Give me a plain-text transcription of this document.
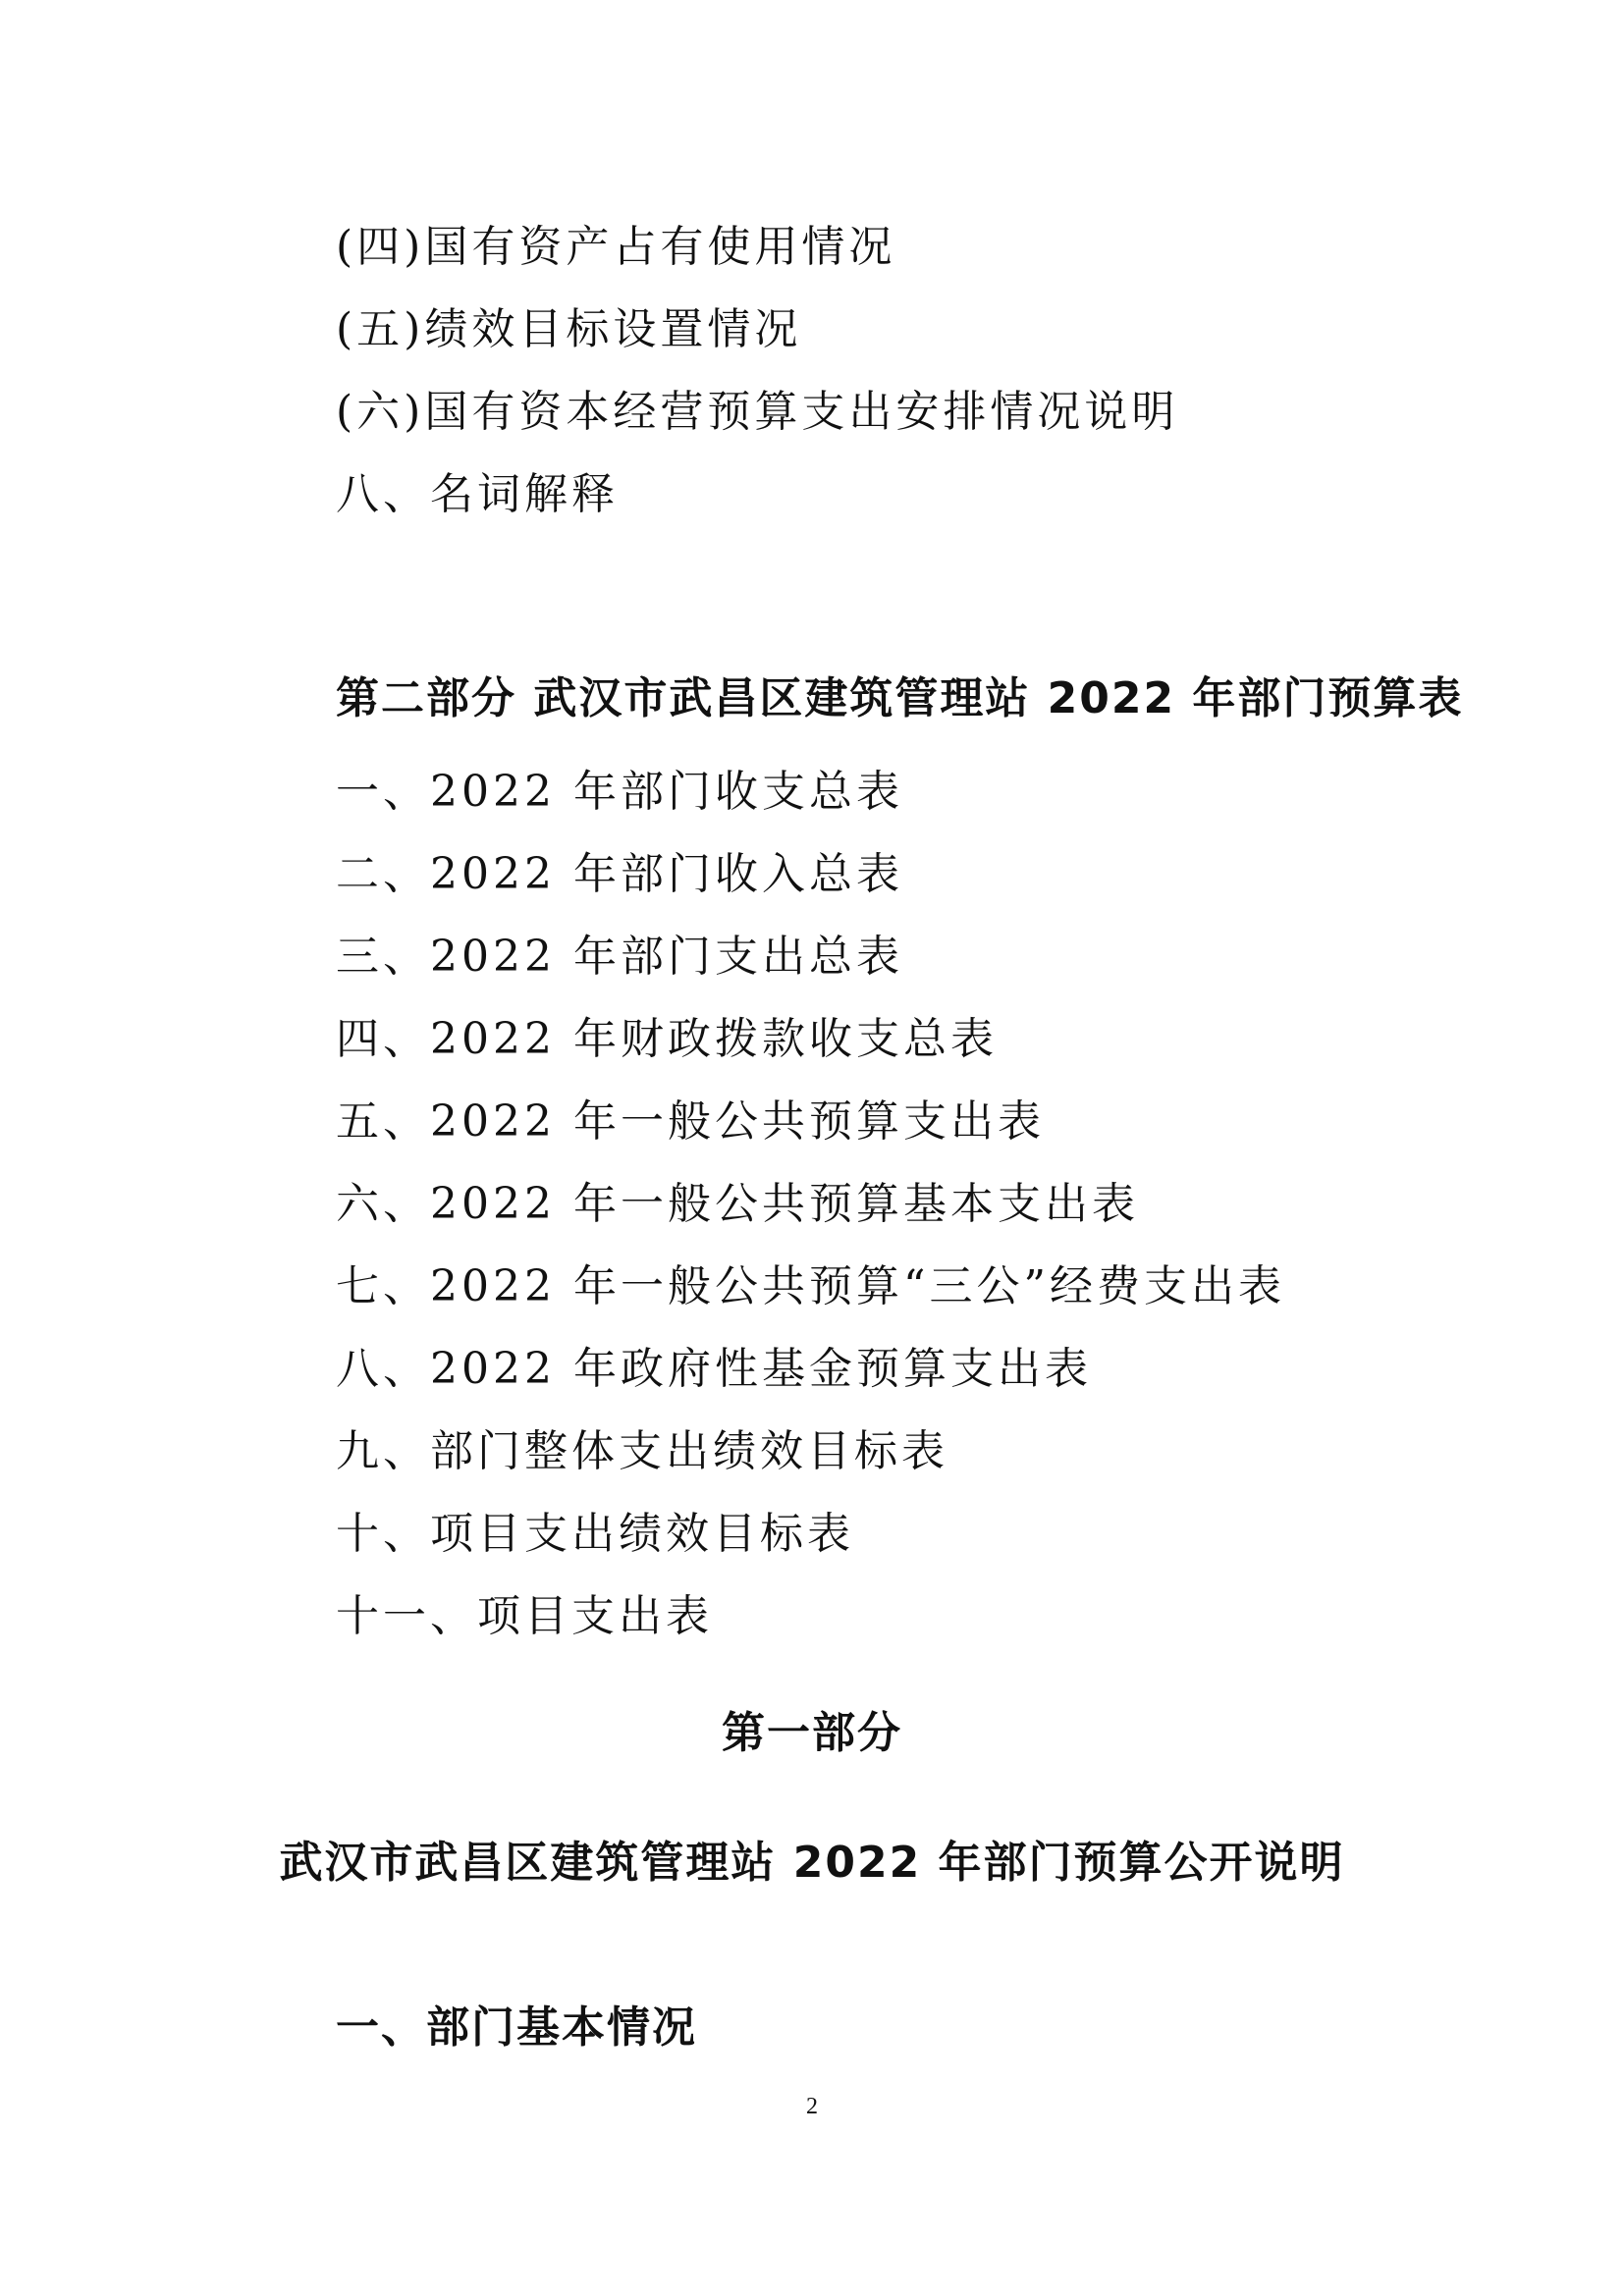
(四)国有资产占有使用情况
(五)绩效目标设置情况
(六)国有资本经营预算支出安排情况说明
八、名词解释
第二部分 武汉市武昌区建筑管理站 2022 年部门预算表
一、2022 年部门收支总表
二、2022 年部门收入总表
三、2022 年部门支出总表
四、2022 年财政拨款收支总表
五、2022 年一般公共预算支出表
六、2022 年一般公共预算基本支出表
七、2022 年一般公共预算“三公”经费支出表
八、2022 年政府性基金预算支出表
九、部门整体支出绩效目标表
十、项目支出绩效目标表
十一、项目支出表
第一部分
武汉市武昌区建筑管理站 2022 年部门预算公开说明
一、部门基本情况
2
